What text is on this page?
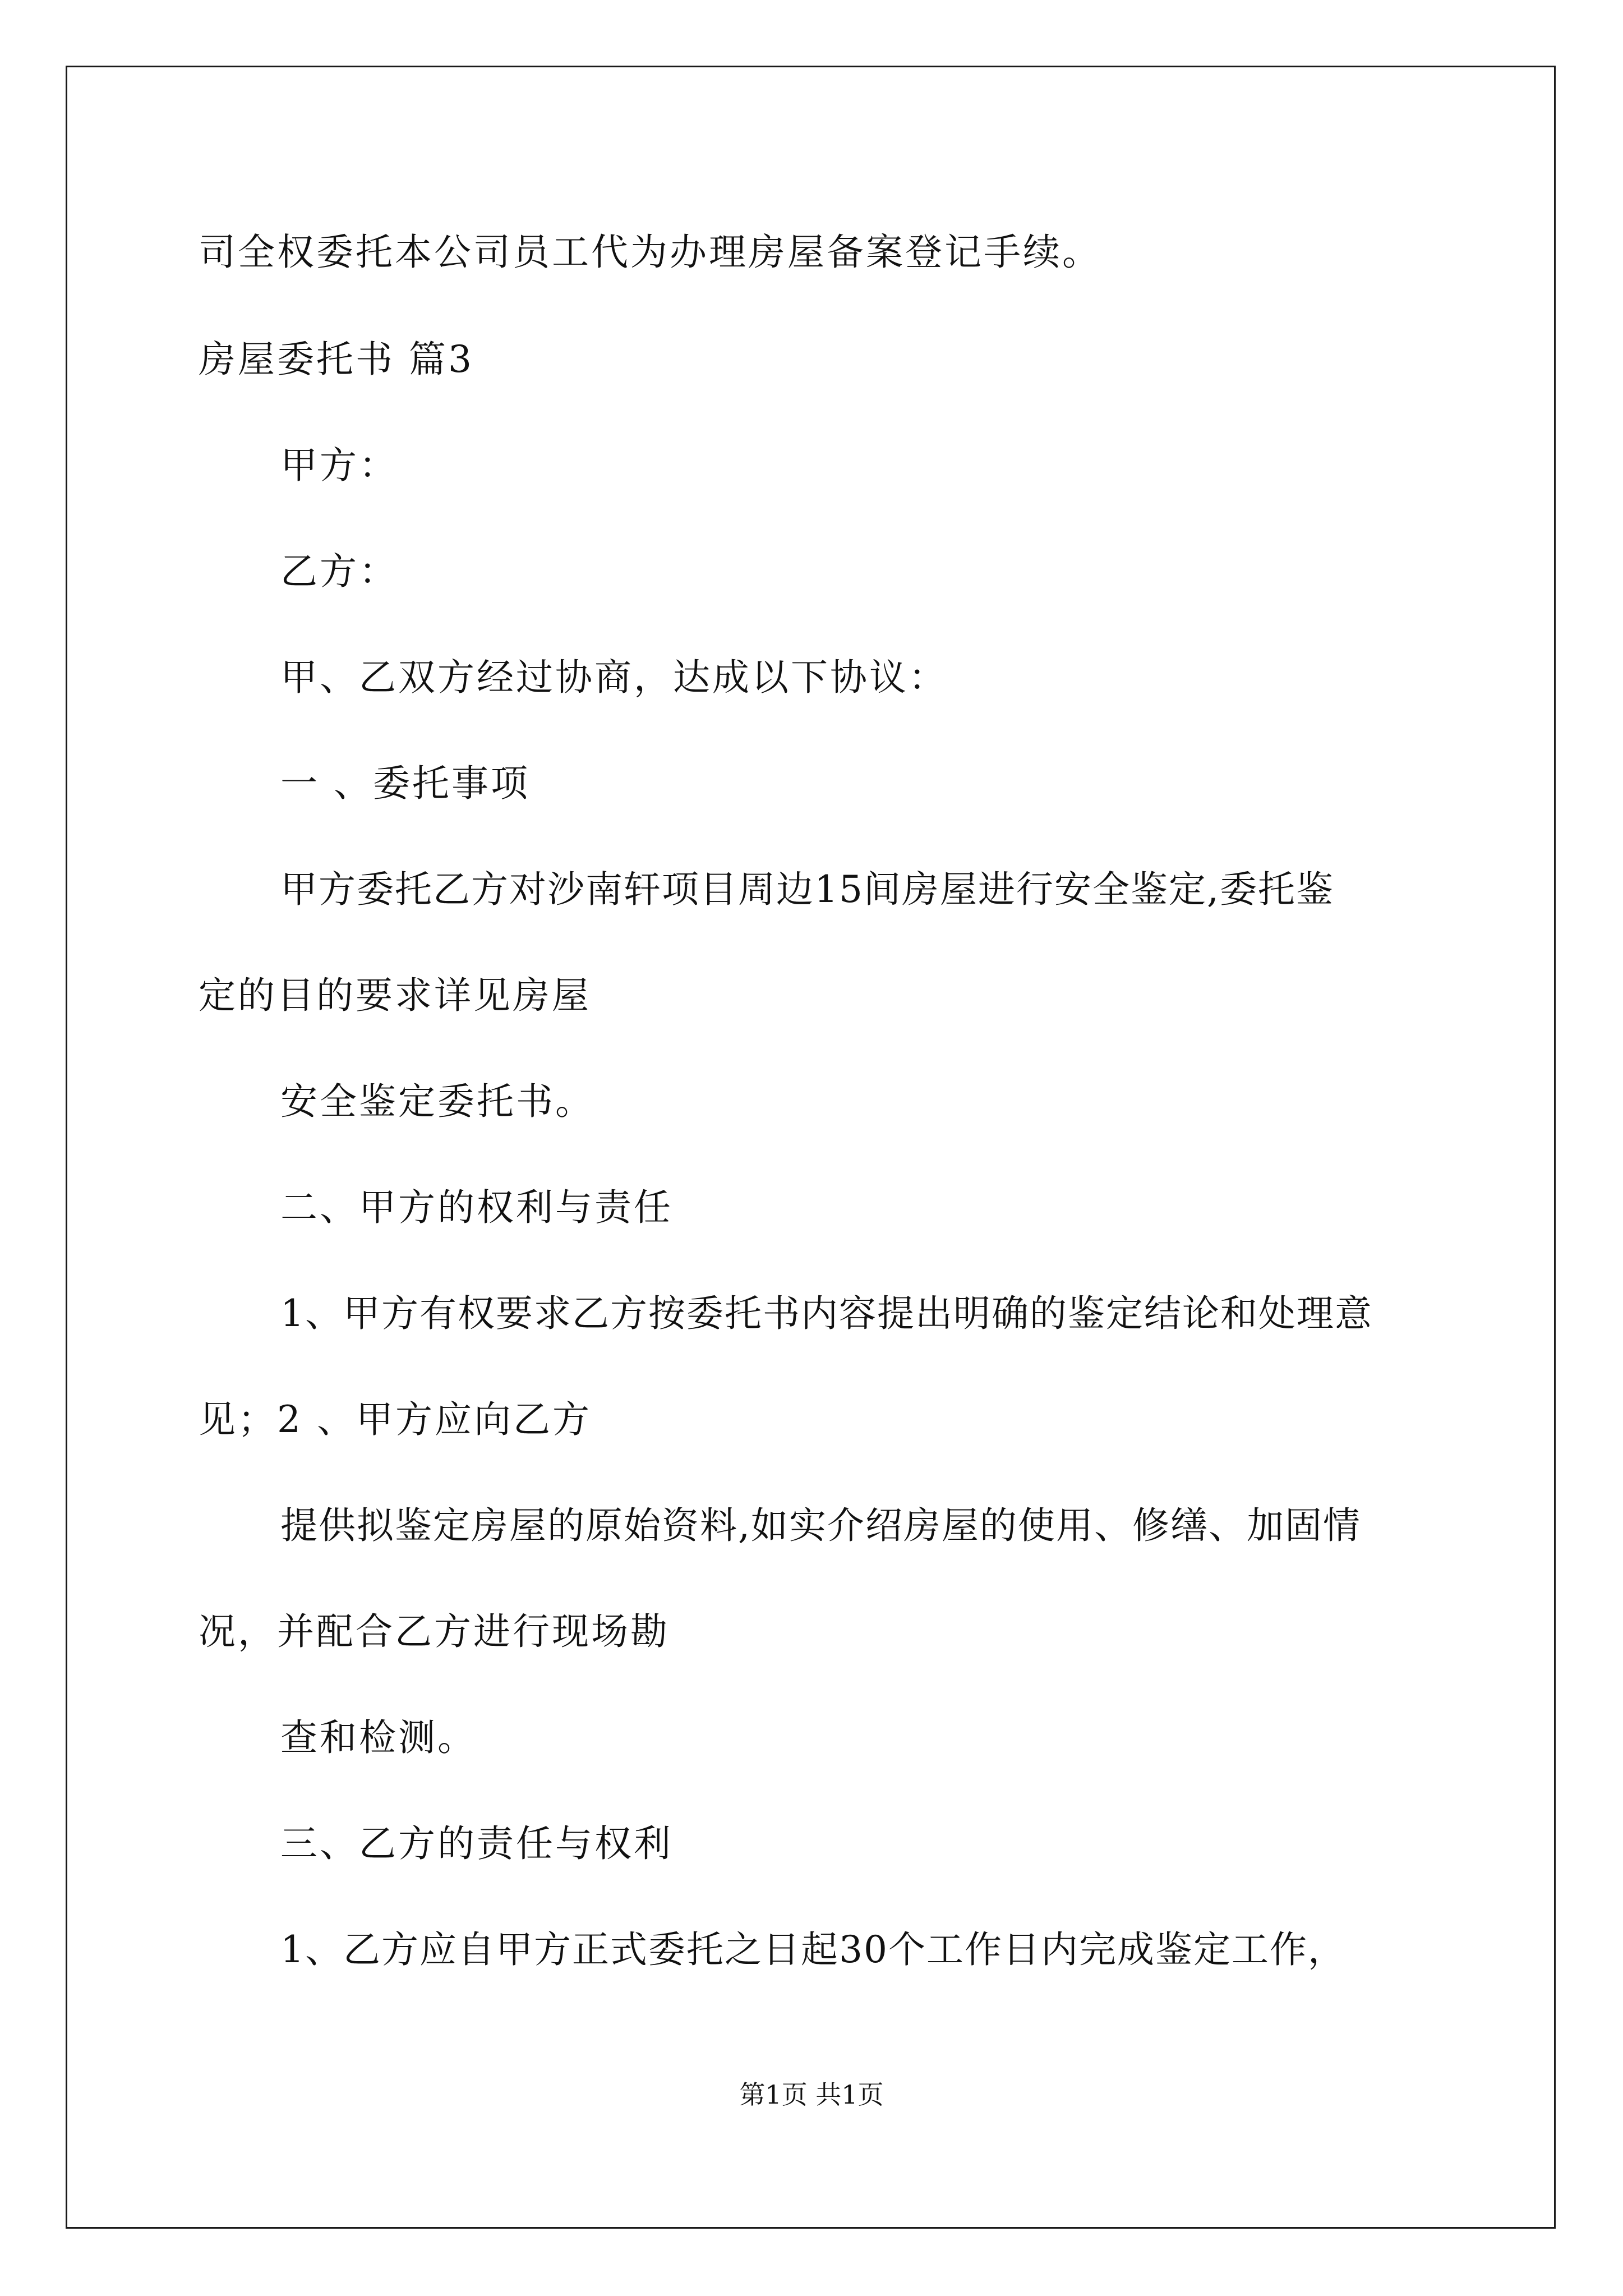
司全权委托本公司员工代为办理房屋备案登记手续。
房屋委托书 篇3
甲方：
乙方：
甲、乙双方经过协商，达成以下协议：
一 、委托事项
甲方委托乙方对沙南轩项目周边15间房屋进行安全鉴定,委托鉴
定的目的要求详见房屋
安全鉴定委托书。
二、甲方的权利与责任
1、甲方有权要求乙方按委托书内容提出明确的鉴定结论和处理意
见；2 、甲方应向乙方
提供拟鉴定房屋的原始资料,如实介绍房屋的使用、修缮、加固情
况，并配合乙方进行现场勘
查和检测。
三、乙方的责任与权利
1、乙方应自甲方正式委托之日起30个工作日内完成鉴定工作，
第1页 共1页
